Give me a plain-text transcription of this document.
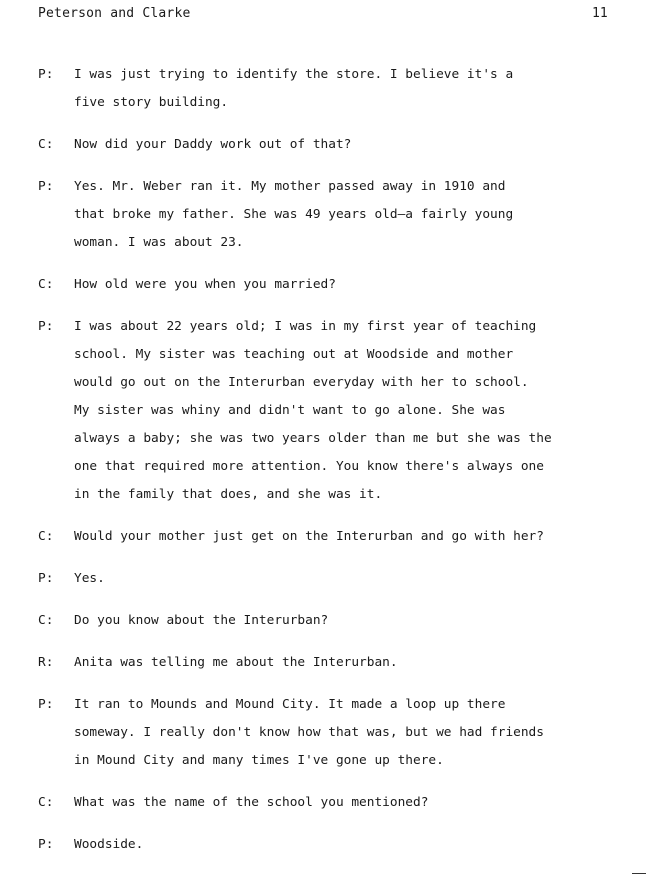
Peterson and Clarke	11
P:	I was just trying to identify the store. I believe it's a
five story building.
C:	Now did your Daddy work out of that?
P:	Yes. Mr. Weber ran it. My mother passed away in 1910 and
that broke my father. She was 49 years old—a fairly young
woman. I was about 23.
C:	How old were you when you married?
P:	I was about 22 years old; I was in my first year of teaching
school. My sister was teaching out at Woodside and mother
would go out on the Interurban everyday with her to school.
My sister was whiny and didn't want to go alone. She was
always a baby; she was two years older than me but she was the
one that required more attention. You know there's always one
in the family that does, and she was it.
C:	Would your mother just get on the Interurban and go with her?
P:	Yes.
C:	Do you know about the Interurban?
R:	Anita was telling me about the Interurban.
P:	It ran to Mounds and Mound City. It made a loop up there
someway. I really don't know how that was, but we had friends
in Mound City and many times I've gone up there.
C:	What was the name of the school you mentioned?
P:	Woodside.
